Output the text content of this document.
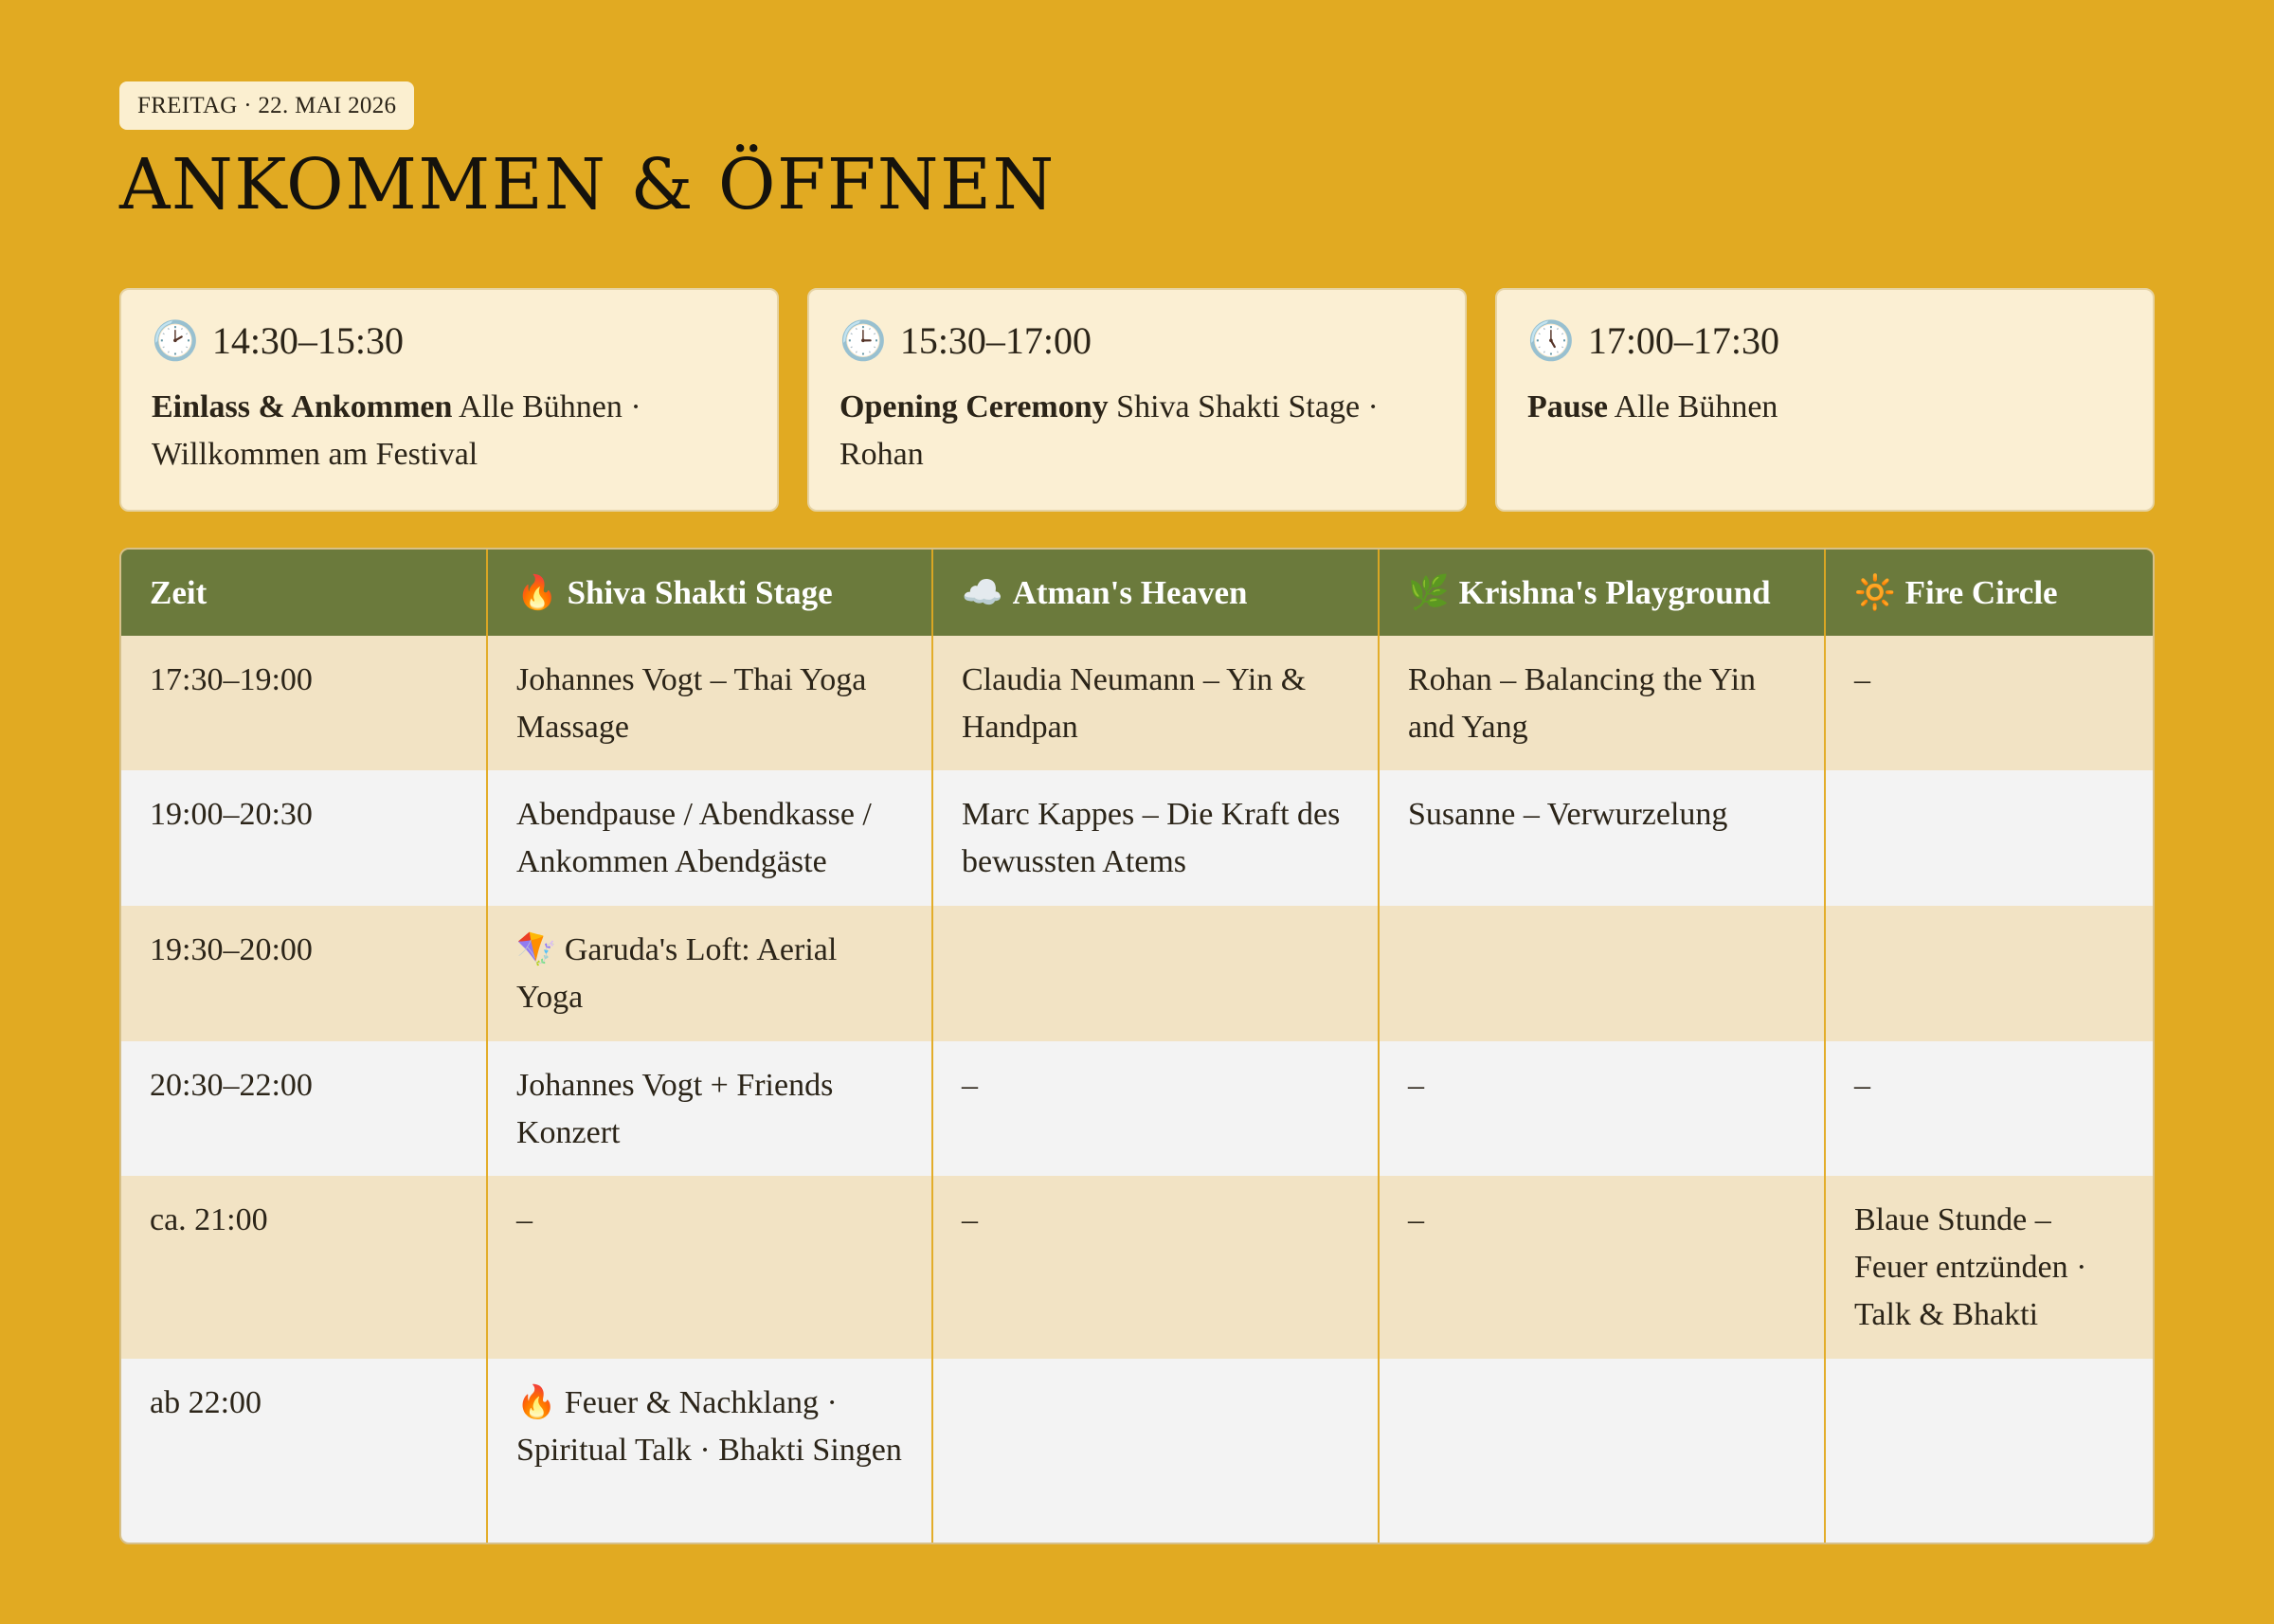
FREITAG · 22. MAI 2026
ANKOMMEN & ÖFFNEN
🕑 14:30–15:30
Einlass & Ankommen Alle Bühnen · Willkommen am Festival
🕒 15:30–17:00
Opening Ceremony Shiva Shakti Stage · Rohan
🕔 17:00–17:30
Pause Alle Bühnen
Zeit	🔥 Shiva Shakti Stage	☁️ Atman's Heaven	🌿 Krishna's Playground	🔆 Fire Circle
17:30–19:00	Johannes Vogt – Thai Yoga Massage	Claudia Neumann – Yin & Handpan	Rohan – Balancing the Yin and Yang	–
19:00–20:30	Abendpause / Abendkasse / Ankommen Abendgäste	Marc Kappes – Die Kraft des bewussten Atems	Susanne – Verwurzelung	
19:30–20:00	🪁 Garuda's Loft: Aerial Yoga			
20:30–22:00	Johannes Vogt + Friends Konzert	–	–	–
ca. 21:00	–	–	–	Blaue Stunde – Feuer entzünden · Talk & Bhakti
ab 22:00	🔥 Feuer & Nachklang · Spiritual Talk · Bhakti Singen			
